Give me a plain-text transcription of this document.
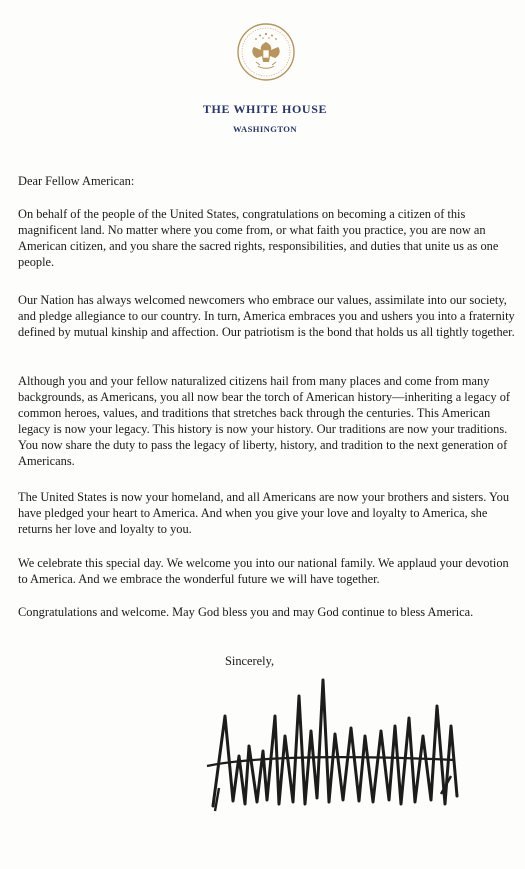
THE WHITE HOUSE
WASHINGTON
Dear Fellow American:

On behalf of the people of the United States, congratulations on becoming a citizen of this magnificent land. No matter where you come from, or what faith you practice, you are now an American citizen, and you share the sacred rights, responsibilities, and duties that unite us as one people.

Our Nation has always welcomed newcomers who embrace our values, assimilate into our society, and pledge allegiance to our country. In turn, America embraces you and ushers you into a fraternity defined by mutual kinship and affection. Our patriotism is the bond that holds us all tightly together.

Although you and your fellow naturalized citizens hail from many places and come from many backgrounds, as Americans, you all now bear the torch of American history—inheriting a legacy of common heroes, values, and traditions that stretches back through the centuries. This American legacy is now your legacy. This history is now your history. Our traditions are now your traditions. You now share the duty to pass the legacy of liberty, history, and tradition to the next generation of Americans.

The United States is now your homeland, and all Americans are now your brothers and sisters. You have pledged your heart to America. And when you give your love and loyalty to America, she returns her love and loyalty to you.

We celebrate this special day. We welcome you into our national family. We applaud your devotion to America. And we embrace the wonderful future we will have together.

Congratulations and welcome. May God bless you and may God continue to bless America.

Sincerely,
